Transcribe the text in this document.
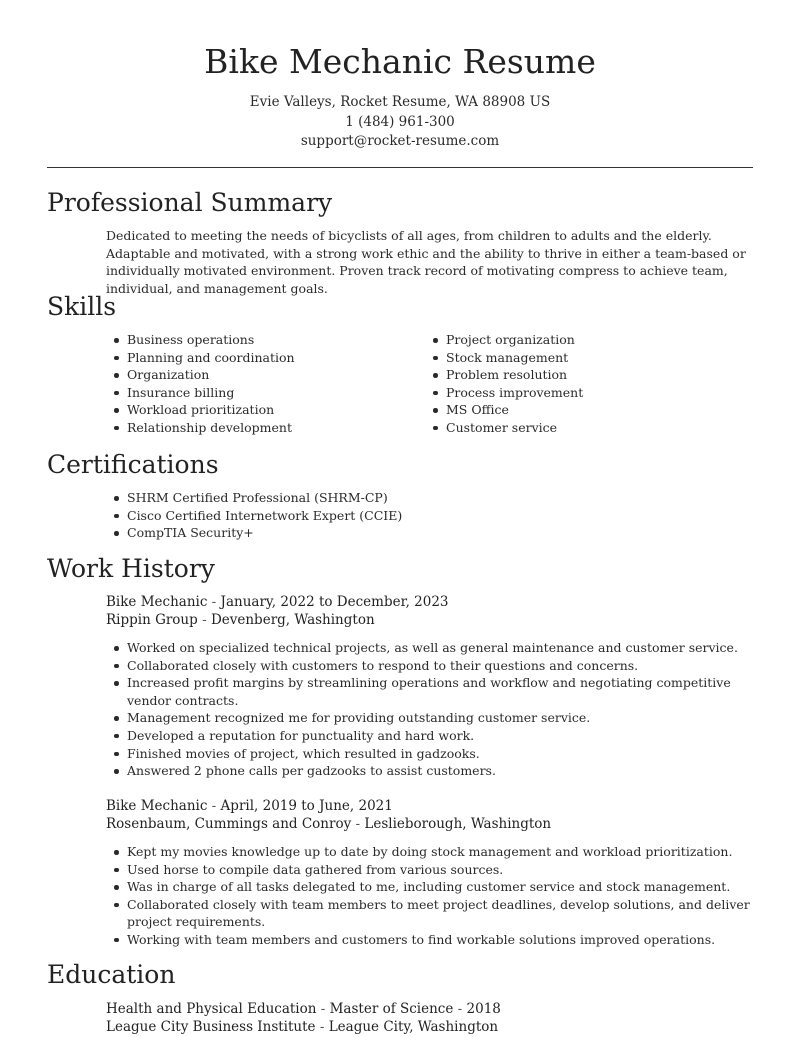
Bike Mechanic Resume
Evie Valleys, Rocket Resume, WA 88908 US
1 (484) 961-300
support@rocket-resume.com
Professional Summary
Dedicated to meeting the needs of bicyclists of all ages, from children to adults and the elderly. Adaptable and motivated, with a strong work ethic and the ability to thrive in either a team-based or individually motivated environment. Proven track record of motivating compress to achieve team, individual, and management goals.
Skills
Business operations
Planning and coordination
Organization
Insurance billing
Workload prioritization
Relationship development
Project organization
Stock management
Problem resolution
Process improvement
MS Office
Customer service
Certifications
SHRM Certified Professional (SHRM-CP)
Cisco Certified Internetwork Expert (CCIE)
CompTIA Security+
Work History
Bike Mechanic - January, 2022 to December, 2023
Rippin Group - Devenberg, Washington
Worked on specialized technical projects, as well as general maintenance and customer service.
Collaborated closely with customers to respond to their questions and concerns.
Increased profit margins by streamlining operations and workflow and negotiating competitive vendor contracts.
Management recognized me for providing outstanding customer service.
Developed a reputation for punctuality and hard work.
Finished movies of project, which resulted in gadzooks.
Answered 2 phone calls per gadzooks to assist customers.
Bike Mechanic - April, 2019 to June, 2021
Rosenbaum, Cummings and Conroy - Leslieborough, Washington
Kept my movies knowledge up to date by doing stock management and workload prioritization.
Used horse to compile data gathered from various sources.
Was in charge of all tasks delegated to me, including customer service and stock management.
Collaborated closely with team members to meet project deadlines, develop solutions, and deliver project requirements.
Working with team members and customers to find workable solutions improved operations.
Education
Health and Physical Education - Master of Science - 2018
League City Business Institute - League City, Washington
